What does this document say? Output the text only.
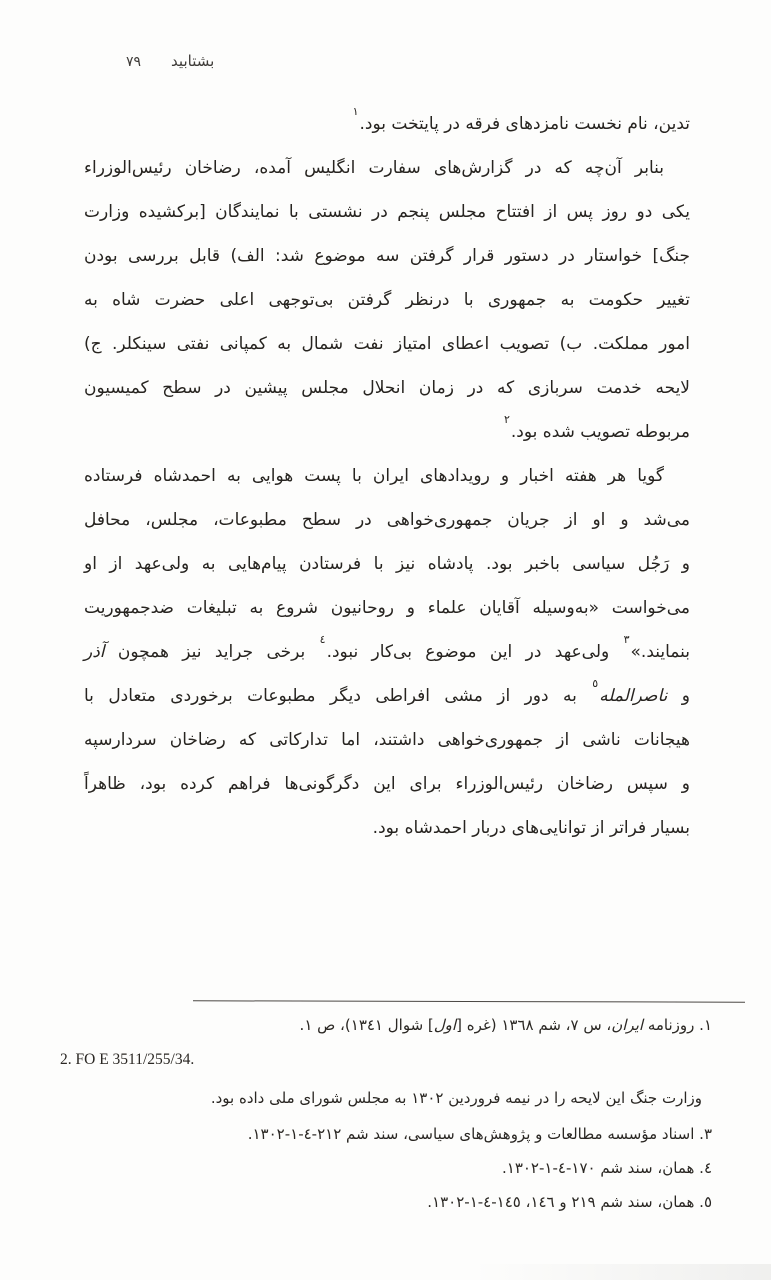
بشتابید
٧٩
تدین، نام نخست نامزدهای فرقه در پایتخت بود.$^١$
بنابر آن‌چه که در گزارش‌های سفارت انگلیس آمده، رضاخان رئیس‌الوزراء
یکی دو روز پس از افتتاح مجلس پنجم در نشستی با نمایندگان [برکشیده وزارت
جنگ] خواستار در دستور قرار گرفتن سه موضوع شد: الف) قابل بررسی بودن
تغییر حکومت به جمهوری با درنظر گرفتن بی‌توجهی اعلی حضرت شاه به
امور مملکت. ب) تصویب اعطای امتیاز نفت شمال به کمپانی نفتی سینکلر. ج)
لایحه خدمت سربازی که در زمان انحلال مجلس پیشین در سطح کمیسیون
مربوطه تصویب شده بود.$^٢$
گویا هر هفته اخبار و رویدادهای ایران با پست هوایی به احمدشاه فرستاده
می‌شد و او از جریان جمهوری‌خواهی در سطح مطبوعات، مجلس، محافل
و رَجُل سیاسی باخبر بود. پادشاه نیز با فرستادن پیام‌هایی به ولی‌عهد از او
می‌خواست «به‌وسیله آقایان علماء و روحانیون شروع به تبلیغات ضدجمهوریت
بنمایند.»$^٣$ ولی‌عهد در این موضوع بی‌کار نبود.$^٤$ برخی جراید نیز همچون آذر
و ناصرالمله$^٥$ به دور از مشی افراطی دیگر مطبوعات برخوردی متعادل با
هیجانات ناشی از جمهوری‌خواهی داشتند، اما تدارکاتی که رضاخان سردارسپه
و سپس رضاخان رئیس‌الوزراء برای این دگرگونی‌ها فراهم کرده بود، ظاهراً
بسیار فراتر از توانایی‌های دربار احمدشاه بود.
١. روزنامه ایران، س ٧، شم ١٣٦٨ (غره [اول] شوال ١٣٤١)، ص ١.
2. FO E 3511/255/34.
وزارت جنگ این لایحه را در نیمه فروردین ١٣٠٢ به مجلس شورای ملی داده بود.
٣. اسناد مؤسسه مطالعات و پژوهش‌های سیاسی، سند شم ٢١٢-٤-١-١٣٠٢.
٤. همان، سند شم ١٧٠-٤-١-١٣٠٢.
٥. همان، سند شم ٢١٩ و ١٤٦، ١٤٥-٤-١-١٣٠٢.
